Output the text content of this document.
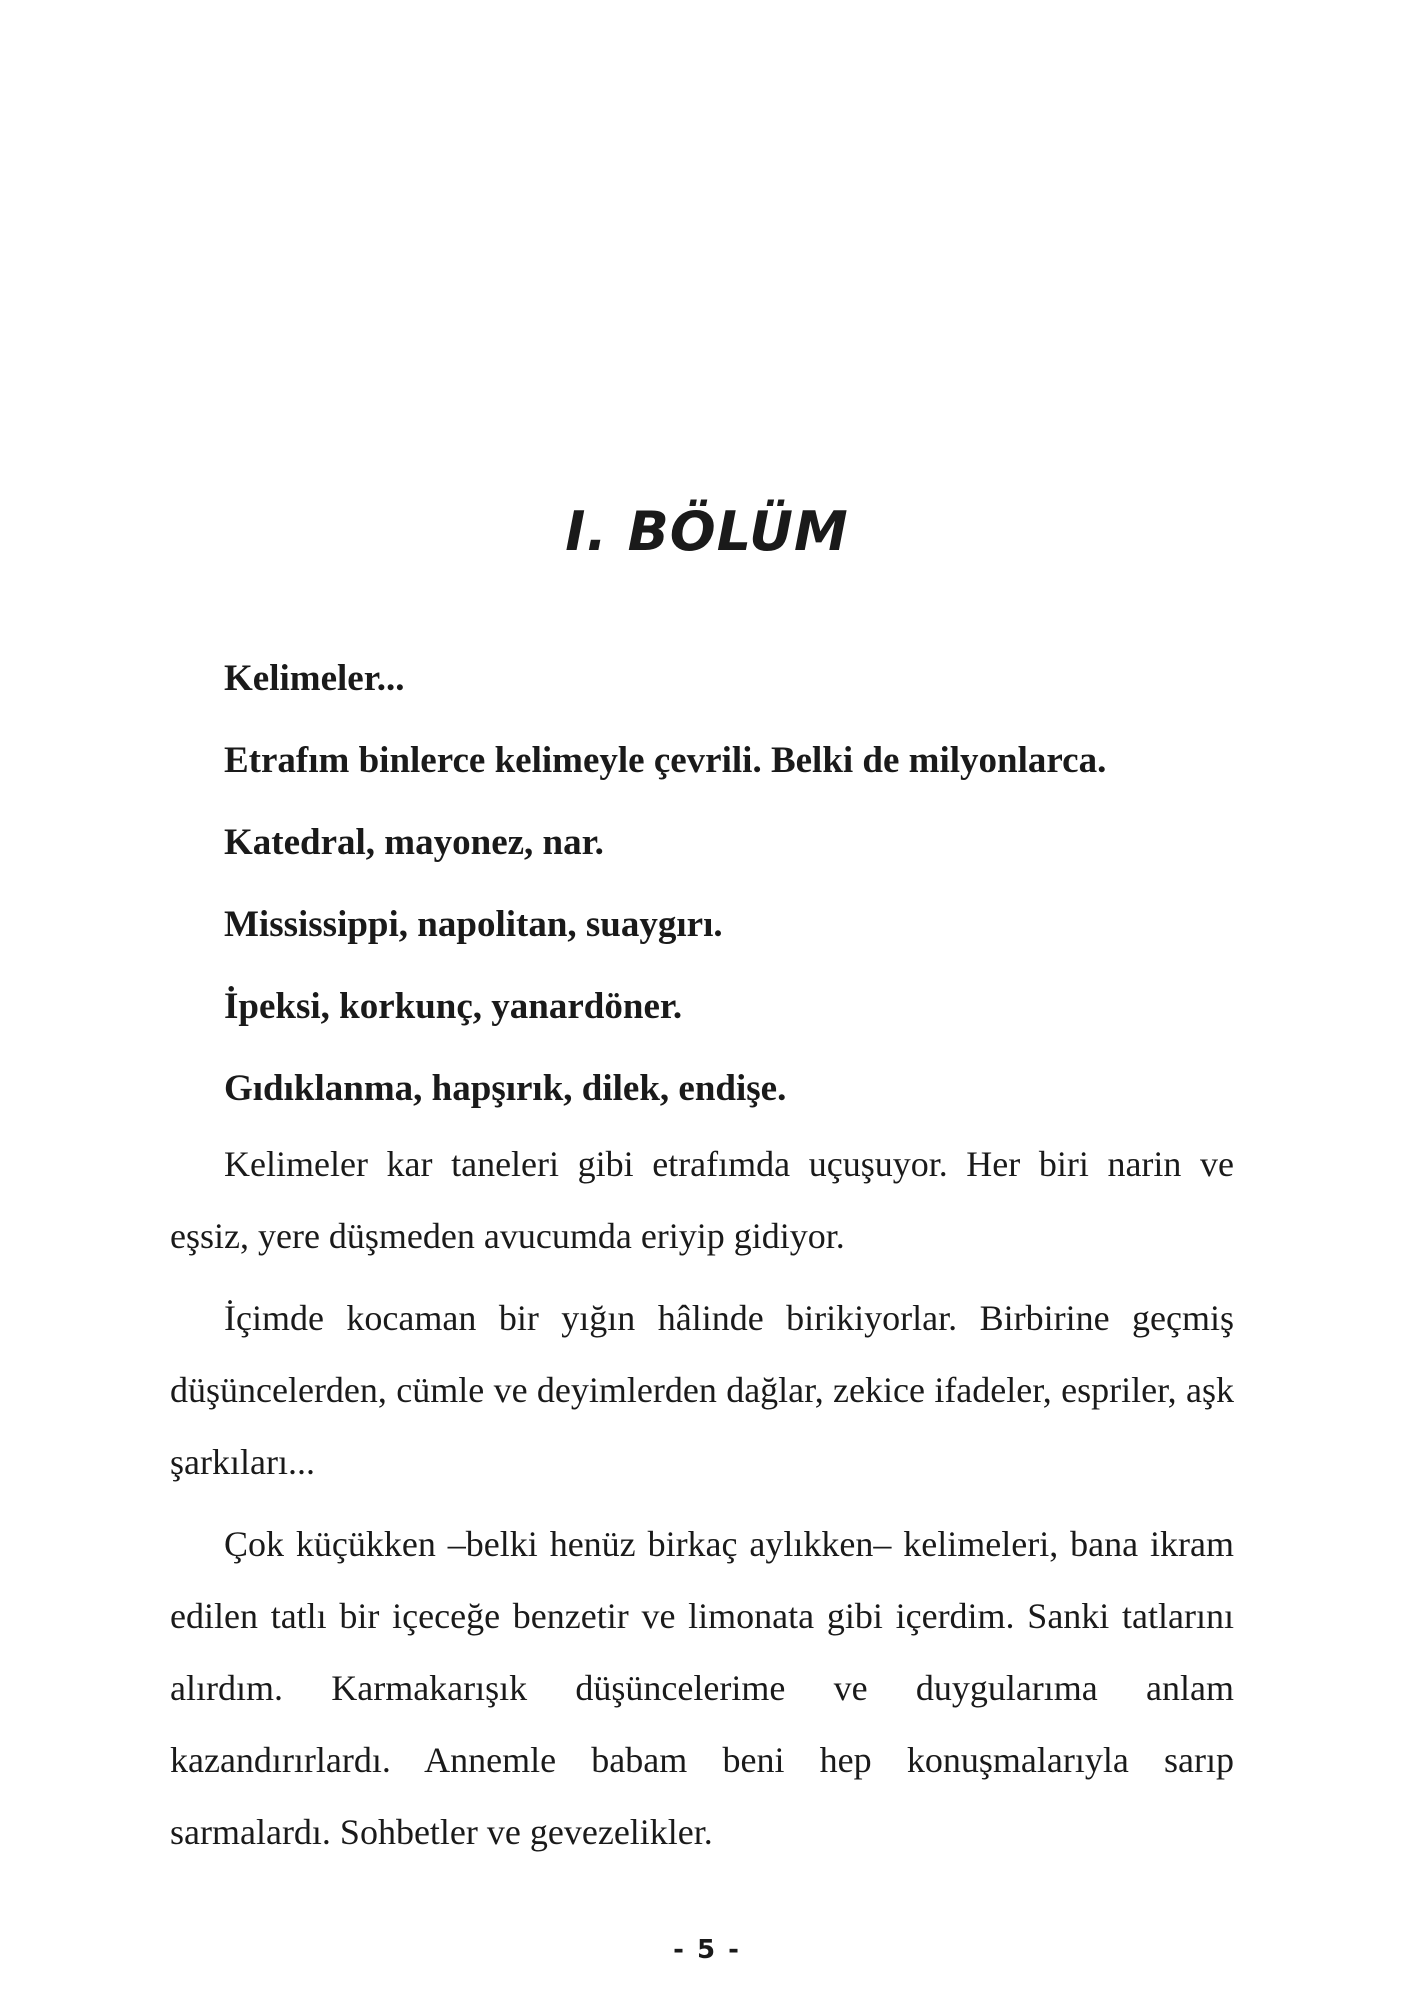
I. BÖLÜM

Kelimeler...

Etrafım binlerce kelimeyle çevrili. Belki de milyonlarca.

Katedral, mayonez, nar.

Mississippi, napolitan, suaygırı.

İpeksi, korkunç, yanardöner.

Gıdıklanma, hapşırık, dilek, endişe.

Kelimeler kar taneleri gibi etrafımda uçuşuyor. Her biri narin ve eşsiz, yere düşmeden avucumda eriyip gidiyor.

İçimde kocaman bir yığın hâlinde birikiyorlar. Birbirine geçmiş düşüncelerden, cümle ve deyimlerden dağlar, zekice ifadeler, espriler, aşk şarkıları...

Çok küçükken –belki henüz birkaç aylıkken– kelimeleri, bana ikram edilen tatlı bir içeceğe benzetir ve limonata gibi içerdim. Sanki tatlarını alırdım. Karmakarışık düşüncelerime ve duygularıma anlam kazandırırlardı. Annemle babam beni hep konuşmalarıyla sarıp sarmalardı. Sohbetler ve gevezelikler.

- 5 -
